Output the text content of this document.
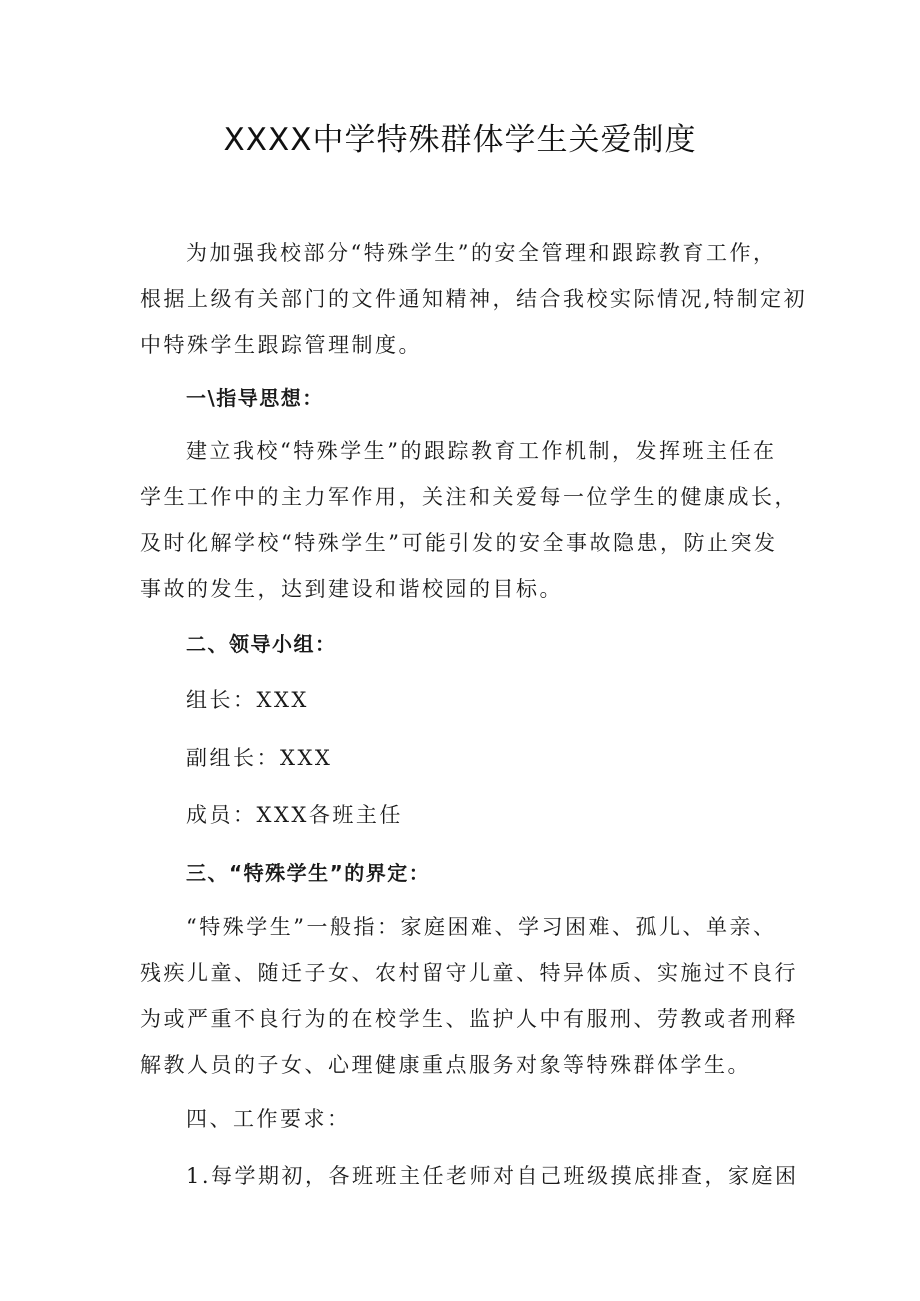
XXXX中学特殊群体学生关爱制度
为加强我校部分“特殊学生”的安全管理和跟踪教育工作，
根据上级有关部门的文件通知精神，结合我校实际情况,特制定初
中特殊学生跟踪管理制度。
一\指导思想：
建立我校“特殊学生”的跟踪教育工作机制，发挥班主任在
学生工作中的主力军作用，关注和关爱每一位学生的健康成长，
及时化解学校“特殊学生”可能引发的安全事故隐患，防止突发
事故的发生，达到建设和谐校园的目标。
二、领导小组：
组长：XXX
副组长：XXX
成员：XXX各班主任
三、“特殊学生”的界定：
“特殊学生”一般指：家庭困难、学习困难、孤儿、单亲、
残疾儿童、随迁子女、农村留守儿童、特异体质、实施过不良行
为或严重不良行为的在校学生、监护人中有服刑、劳教或者刑释
解教人员的子女、心理健康重点服务对象等特殊群体学生。
四、工作要求：
1.每学期初，各班班主任老师对自己班级摸底排查，家庭困
